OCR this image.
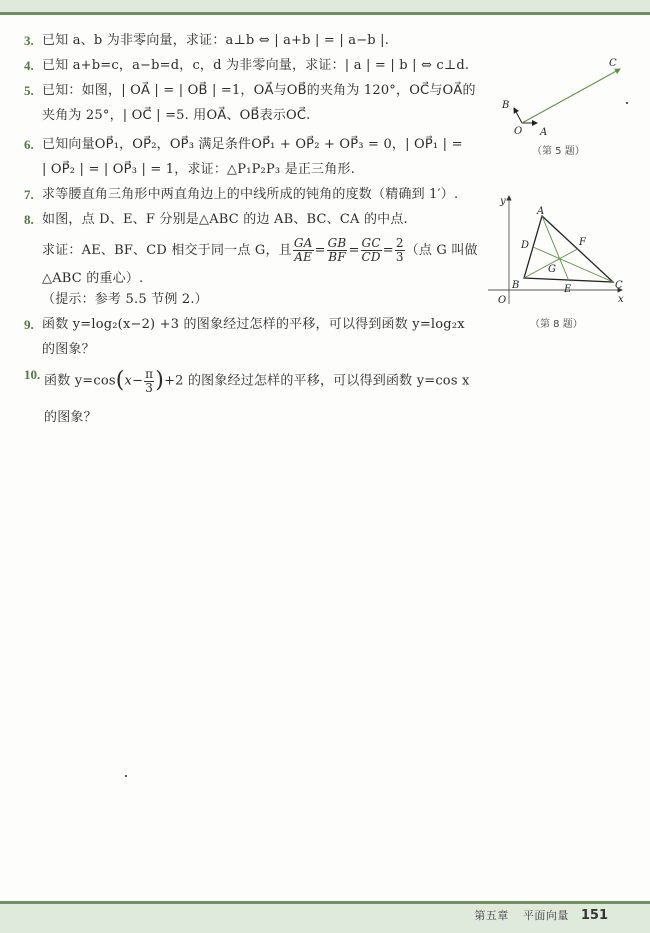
3. 已知 a、b 为非零向量，求证：a⊥b ⇔ | a+b | = | a−b |.
4. 已知 a+b=c，a−b=d，c，d 为非零向量，求证：| a | = | b | ⇔ c⊥d.
5. 已知：如图，| OA⃗ | = | OB⃗ | =1，OA⃗与OB⃗的夹角为 120°，OC⃗与OA⃗的
夹角为 25°，| OC⃗ | =5. 用OA⃗、OB⃗表示OC⃗.
6. 已知向量OP⃗₁，OP⃗₂，OP⃗₃ 满足条件OP⃗₁ + OP⃗₂ + OP⃗₃ = 0，| OP⃗₁ | =
| OP⃗₂ | = | OP⃗₃ | = 1，求证：△P₁P₂P₃ 是正三角形.
7. 求等腰直角三角形中两直角边上的中线所成的钝角的度数（精确到 1′）.
8. 如图，点 D、E、F 分别是△ABC 的边 AB、BC、CA 的中点.
求证：AE、BF、CD 相交于同一点 G，且 $\frac{GA}{AE} = \frac{GB}{BF} = \frac{GC}{CD} = \frac{2}{3}$ （点 G 叫做
△ABC 的重心）.
（提示：参考 5.5 节例 2.）
9. 函数 y=log₂(x−2) +3 的图象经过怎样的平移，可以得到函数 y=log₂x
的图象？
10. 函数 $y=\cos(x- \frac{\pi}{3} )+2$ 的图象经过怎样的平移，可以得到函数 y=cos x
的图象？
C
B
O A
（第 5 题）
A
B	C
D
E
F
G
O	x
y
（第 8 题）
第五章 平面向量 151
